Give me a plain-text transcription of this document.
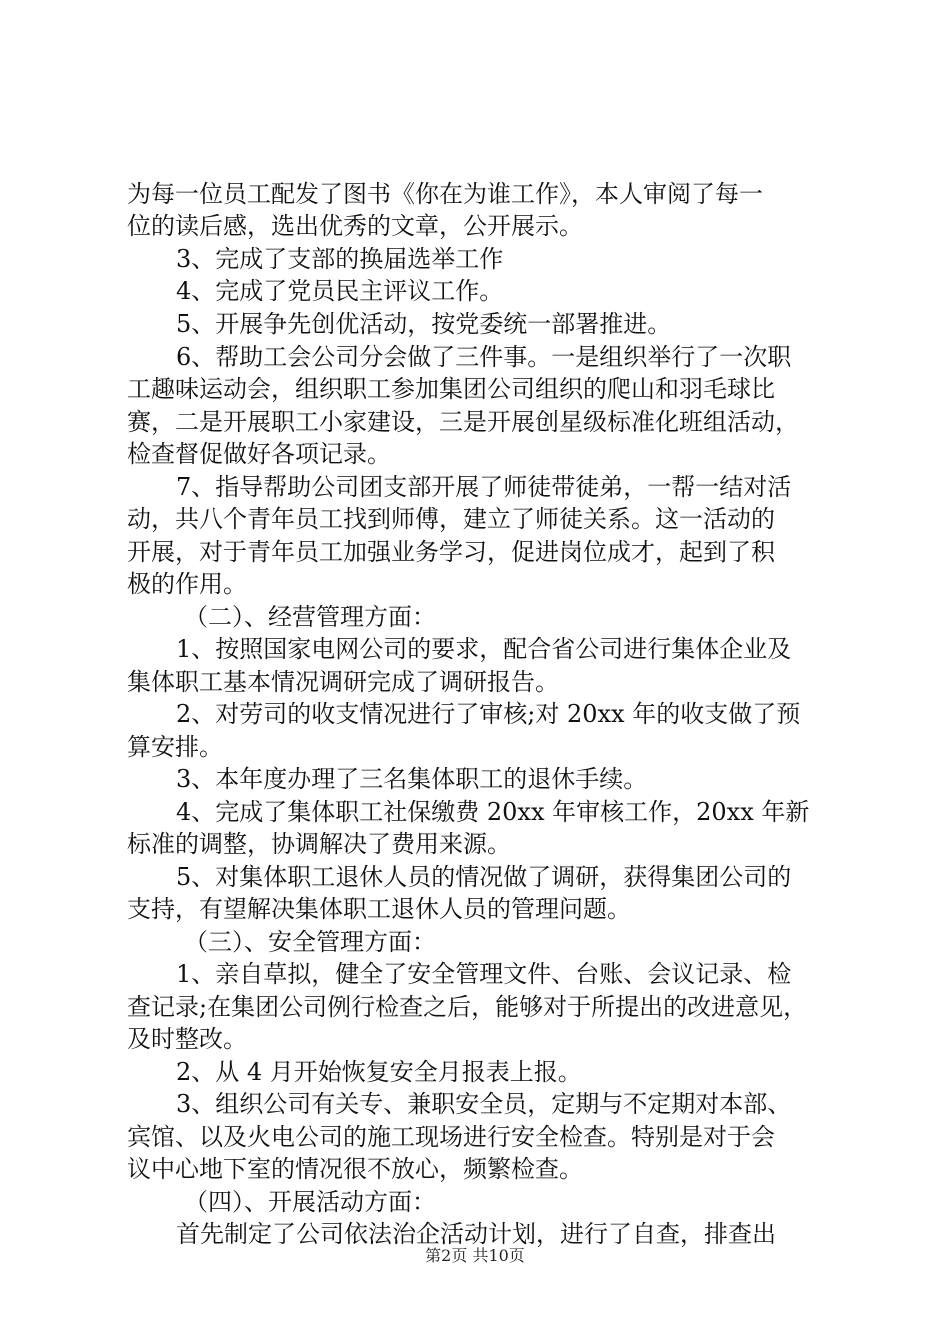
为每一位员工配发了图书《你在为谁工作》，本人审阅了每一
位的读后感，选出优秀的文章，公开展示。
3、完成了支部的换届选举工作
4、完成了党员民主评议工作。
5、开展争先创优活动，按党委统一部署推进。
6、帮助工会公司分会做了三件事。一是组织举行了一次职
工趣味运动会，组织职工参加集团公司组织的爬山和羽毛球比
赛，二是开展职工小家建设，三是开展创星级标准化班组活动，
检查督促做好各项记录。
7、指导帮助公司团支部开展了师徒带徒弟，一帮一结对活
动，共八个青年员工找到师傅，建立了师徒关系。这一活动的
开展，对于青年员工加强业务学习，促进岗位成才，起到了积
极的作用。
（二）、经营管理方面：
1、按照国家电网公司的要求，配合省公司进行集体企业及
集体职工基本情况调研完成了调研报告。
2、对劳司的收支情况进行了审核;对 20xx 年的收支做了预
算安排。
3、本年度办理了三名集体职工的退休手续。
4、完成了集体职工社保缴费 20xx 年审核工作，20xx 年新
标准的调整，协调解决了费用来源。
5、对集体职工退休人员的情况做了调研，获得集团公司的
支持，有望解决集体职工退休人员的管理问题。
（三）、安全管理方面：
1、亲自草拟，健全了安全管理文件、台账、会议记录、检
查记录;在集团公司例行检查之后，能够对于所提出的改进意见，
及时整改。
2、从 4 月开始恢复安全月报表上报。
3、组织公司有关专、兼职安全员，定期与不定期对本部、
宾馆、以及火电公司的施工现场进行安全检查。特别是对于会
议中心地下室的情况很不放心，频繁检查。
（四）、开展活动方面：
首先制定了公司依法治企活动计划，进行了自查，排查出
第2页 共10页
